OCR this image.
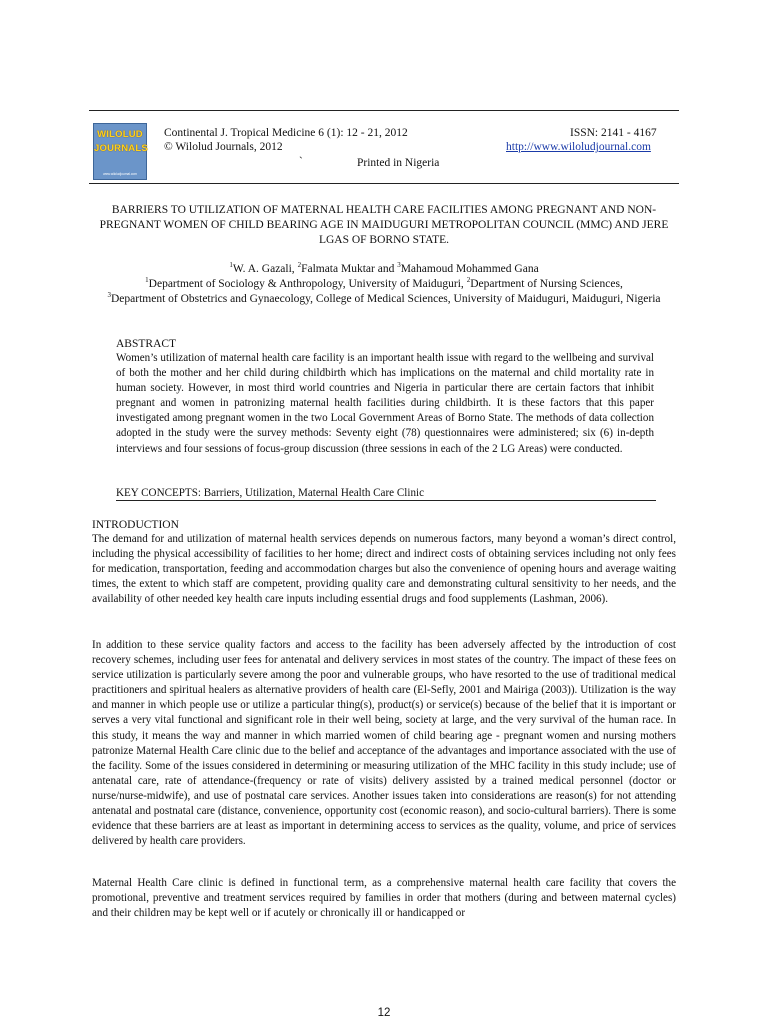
WILOLUD
JOURNALS
www.wiloludjournal.com
Continental J. Tropical Medicine 6 (1): 12 - 21, 2012
© Wilolud Journals, 2012
`	Printed in Nigeria
ISSN: 2141 - 4167
http://www.wiloludjournal.com
BARRIERS TO UTILIZATION OF MATERNAL HEALTH CARE FACILITIES AMONG PREGNANT AND NON-PREGNANT WOMEN OF CHILD BEARING AGE IN MAIDUGURI METROPOLITAN COUNCIL (MMC) AND JERE LGAS OF BORNO STATE.
$^1$W. A. Gazali, $^2$Falmata Muktar and $^3$Mahamoud Mohammed Gana
$^1$Department of Sociology & Anthropology, University of Maiduguri, $^2$Department of Nursing Sciences,
$^3$Department of Obstetrics and Gynaecology, College of Medical Sciences, University of Maiduguri, Maiduguri, Nigeria
ABSTRACT
Women’s utilization of maternal health care facility is an important health issue with regard to the wellbeing and survival of both the mother and her child during childbirth which has implications on the maternal and child mortality rate in human society. However, in most third world countries and Nigeria in particular there are certain factors that inhibit pregnant and women in patronizing maternal health facilities during childbirth. It is these factors that this paper investigated among pregnant women in the two Local Government Areas of Borno State. The methods of data collection adopted in the study were the survey methods: Seventy eight (78) questionnaires were administered; six (6) in-depth interviews and four sessions of focus-group discussion (three sessions in each of the 2 LG Areas) were conducted.
KEY CONCEPTS: Barriers, Utilization, Maternal Health Care Clinic
INTRODUCTION
The demand for and utilization of maternal health services depends on numerous factors, many beyond a woman’s direct control, including the physical accessibility of facilities to her home; direct and indirect costs of obtaining services including not only fees for medication, transportation, feeding and accommodation charges but also the convenience of opening hours and average waiting times, the extent to which staff are competent, providing quality care and demonstrating cultural sensitivity to her needs, and the availability of other needed key health care inputs including essential drugs and food supplements (Lashman, 2006).
In addition to these service quality factors and access to the facility has been adversely affected by the introduction of cost recovery schemes, including user fees for antenatal and delivery services in most states of the country. The impact of these fees on service utilization is particularly severe among the poor and vulnerable groups, who have resorted to the use of traditional medical practitioners and spiritual healers as alternative providers of health care (El-Sefly, 2001 and Mairiga (2003)). Utilization is the way and manner in which people use or utilize a particular thing(s), product(s) or service(s) because of the belief that it is important or serves a very vital functional and significant role in their well being, society at large, and the very survival of the human race. In this study, it means the way and manner in which married women of child bearing age - pregnant women and nursing mothers patronize Maternal Health Care clinic due to the belief and acceptance of the advantages and importance associated with the use of the facility. Some of the issues considered in determining or measuring utilization of the MHC facility in this study include; use of antenatal care, rate of attendance-(frequency or rate of visits) delivery assisted by a trained medical personnel (doctor or nurse/nurse-midwife), and use of postnatal care services. Another issues taken into considerations are reason(s) for not attending antenatal and postnatal care (distance, convenience, opportunity cost (economic reason), and socio-cultural barriers). There is some evidence that these barriers are at least as important in determining access to services as the quality, volume, and price of services delivered by health care providers.
Maternal Health Care clinic is defined in functional term, as a comprehensive maternal health care facility that covers the promotional, preventive and treatment services required by families in order that mothers (during and between maternal cycles) and their children may be kept well or if acutely or chronically ill or handicapped or
12
